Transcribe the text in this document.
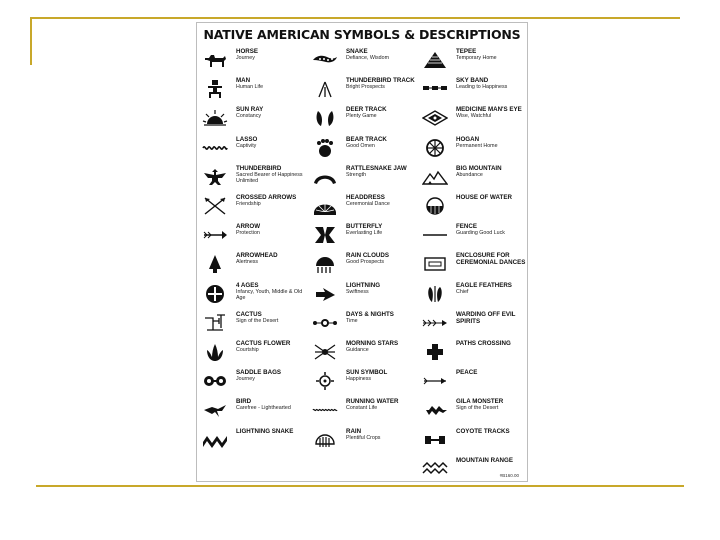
NATIVE AMERICAN SYMBOLS & DESCRIPTIONS
HORSE
Journey
MAN
Human Life
SUN RAY
Constancy
LASSO
Captivity
THUNDERBIRD
Sacred Bearer of Happiness Unlimited
CROSSED ARROWS
Friendship
ARROW
Protection
ARROWHEAD
Alertness
4 AGES
Infancy, Youth, Middle & Old Age
CACTUS
Sign of the Desert
CACTUS FLOWER
Courtship
SADDLE BAGS
Journey
BIRD
Carefree - Lighthearted
LIGHTNING SNAKE
SNAKE
Defiance, Wisdom
THUNDERBIRD TRACK
Bright Prospects
DEER TRACK
Plenty Game
BEAR TRACK
Good Omen
RATTLESNAKE JAW
Strength
HEADDRESS
Ceremonial Dance
BUTTERFLY
Everlasting Life
RAIN CLOUDS
Good Prospects
LIGHTNING
Swiftness
DAYS & NIGHTS
Time
MORNING STARS
Guidance
SUN SYMBOL
Happiness
RUNNING WATER
Constant Life
RAIN
Plentiful Crops
TEPEE
Temporary Home
SKY BAND
Leading to Happiness
MEDICINE MAN'S EYE
Wise, Watchful
HOGAN
Permanent Home
BIG MOUNTAIN
Abundance
HOUSE OF WATER
FENCE
Guarding Good Luck
ENCLOSURE FOR CEREMONIAL DANCES
EAGLE FEATHERS
Chief
WARDING OFF EVIL SPIRITS
PATHS CROSSING
PEACE
GILA MONSTER
Sign of the Desert
COYOTE TRACKS
MOUNTAIN RANGE
#B160.00
